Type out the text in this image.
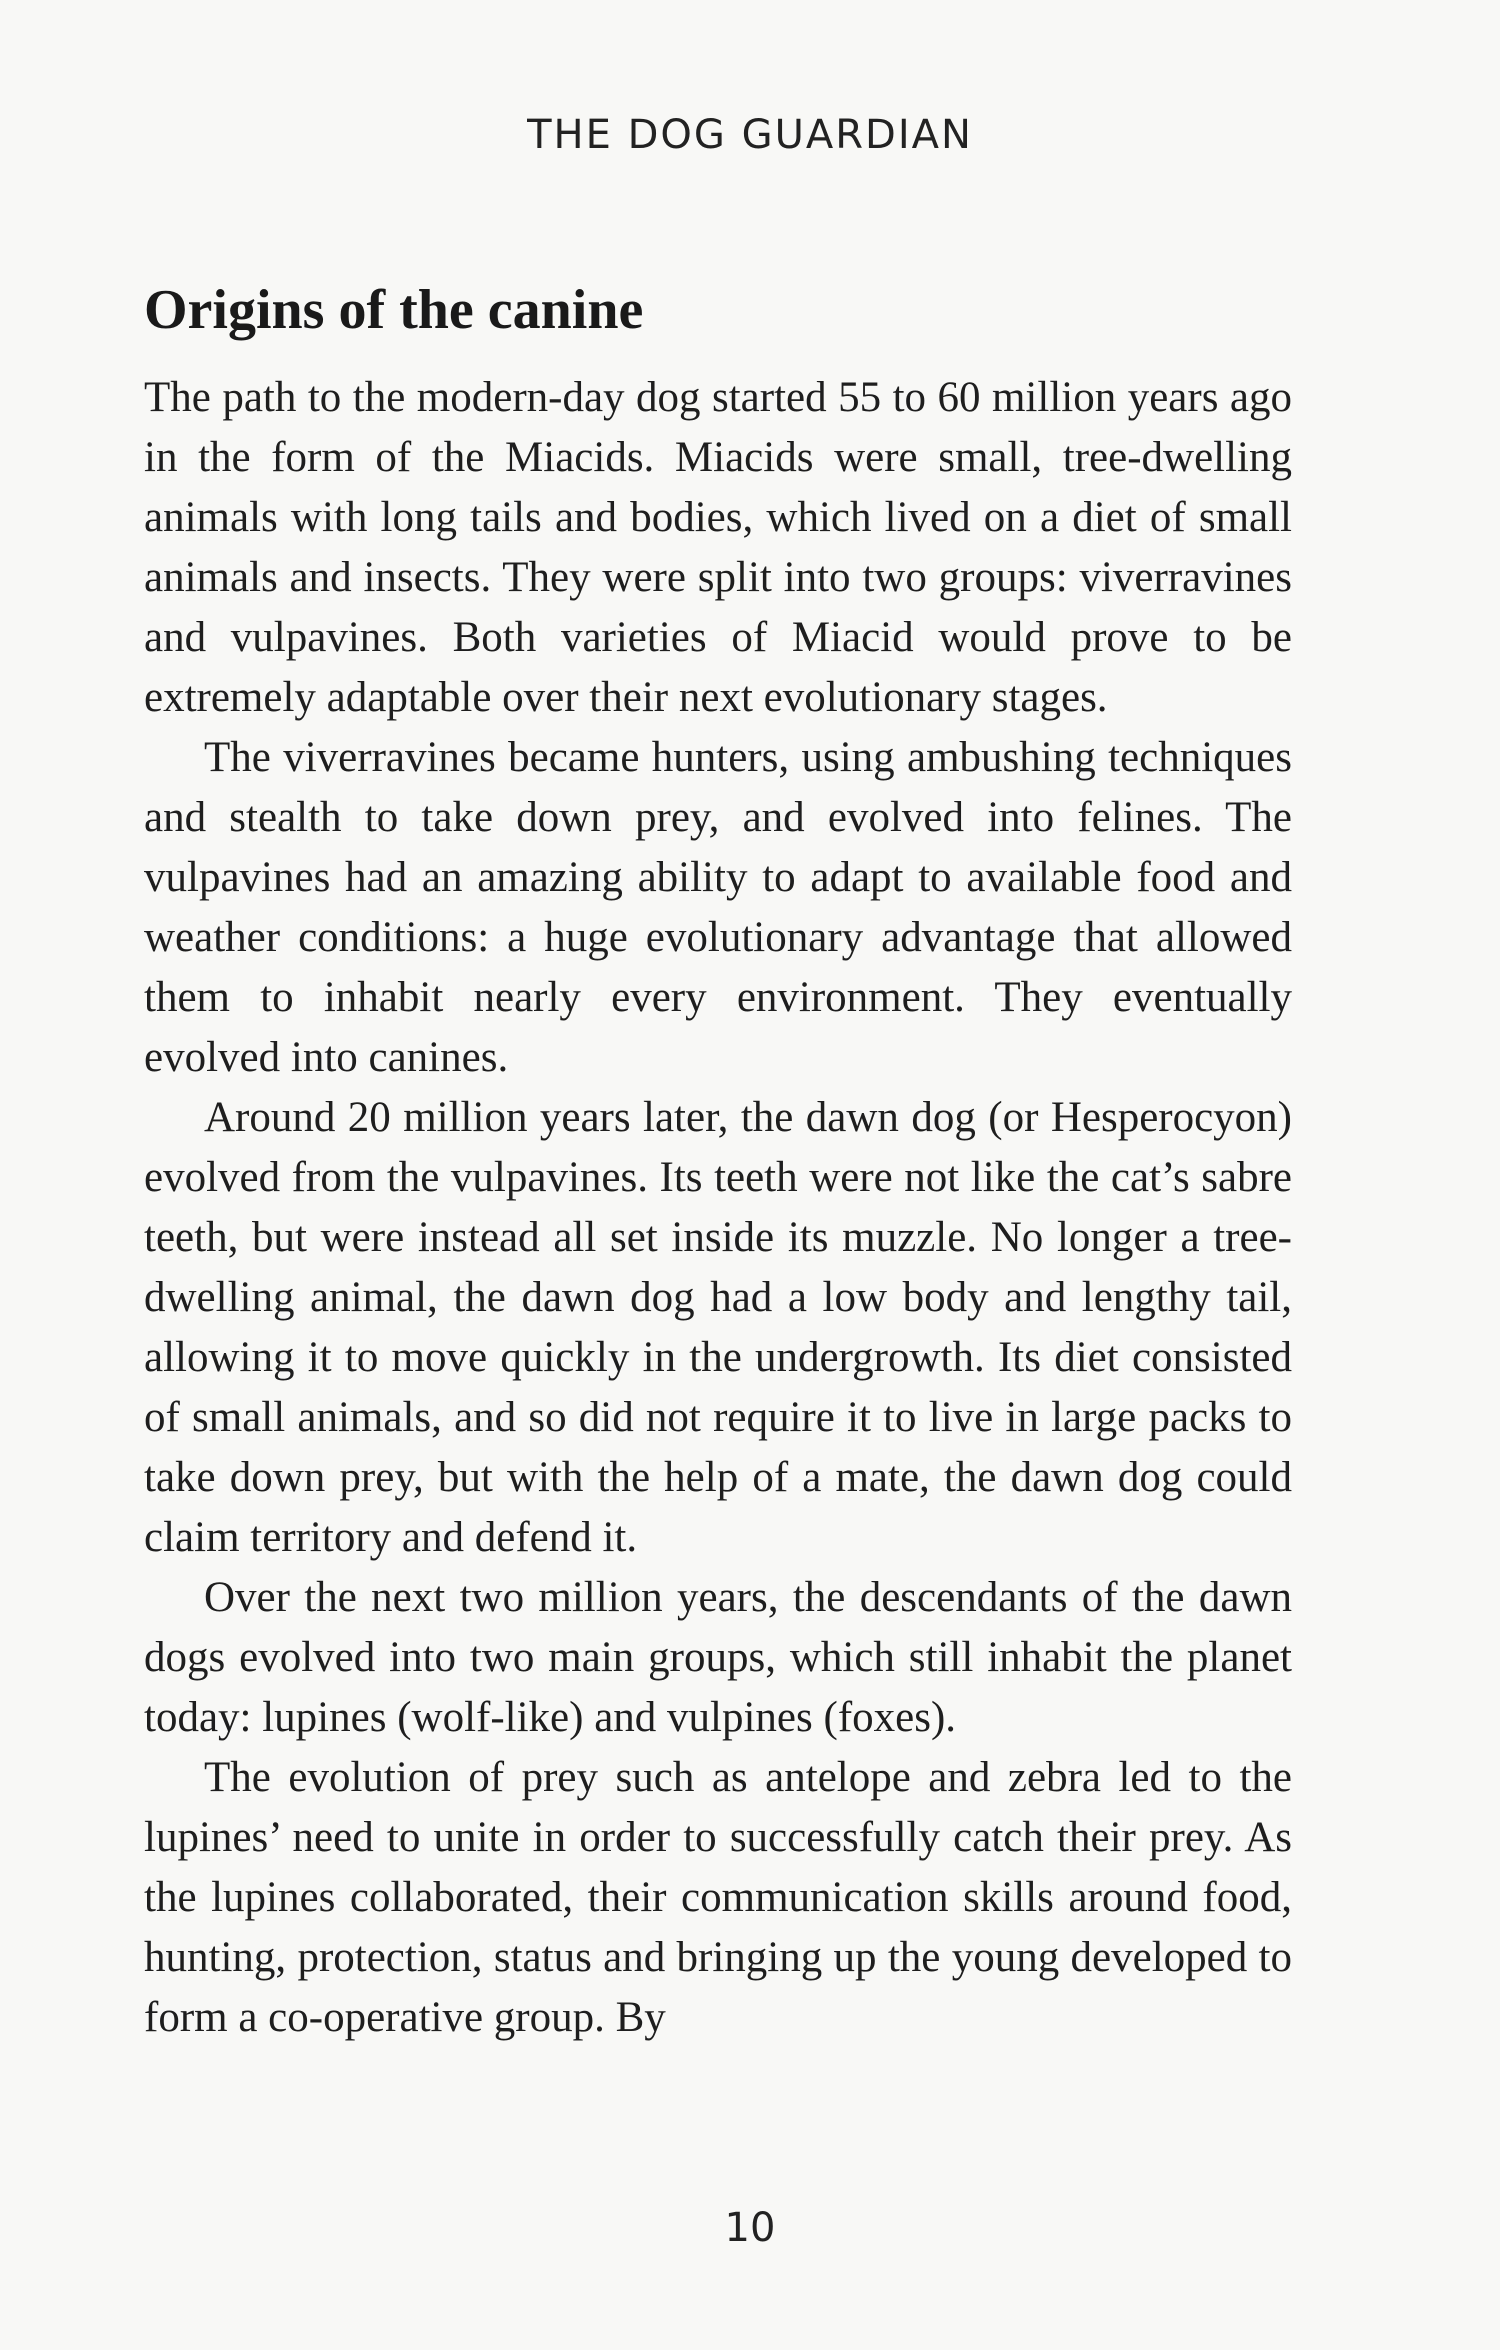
THE DOG GUARDIAN
Origins of the canine

The path to the modern-day dog started 55 to 60 million years ago in the form of the Miacids. Miacids were small, tree-dwelling animals with long tails and bodies, which lived on a diet of small animals and insects. They were split into two groups: viverravines and vulpavines. Both varieties of Miacid would prove to be extremely adaptable over their next evolutionary stages.

The viverravines became hunters, using ambushing techniques and stealth to take down prey, and evolved into felines. The vulpavines had an amazing ability to adapt to available food and weather conditions: a huge evolutionary advantage that allowed them to inhabit nearly every environment. They eventually evolved into canines.

Around 20 million years later, the dawn dog (or Hesperocyon) evolved from the vulpavines. Its teeth were not like the cat’s sabre teeth, but were instead all set inside its muzzle. No longer a tree-dwelling animal, the dawn dog had a low body and lengthy tail, allowing it to move quickly in the undergrowth. Its diet consisted of small animals, and so did not require it to live in large packs to take down prey, but with the help of a mate, the dawn dog could claim territory and defend it.

Over the next two million years, the descendants of the dawn dogs evolved into two main groups, which still inhabit the planet today: lupines (wolf-like) and vulpines (foxes).

The evolution of prey such as antelope and zebra led to the lupines’ need to unite in order to successfully catch their prey. As the lupines collaborated, their communication skills around food, hunting, protection, status and bringing up the young developed to form a co-operative group. By

10
